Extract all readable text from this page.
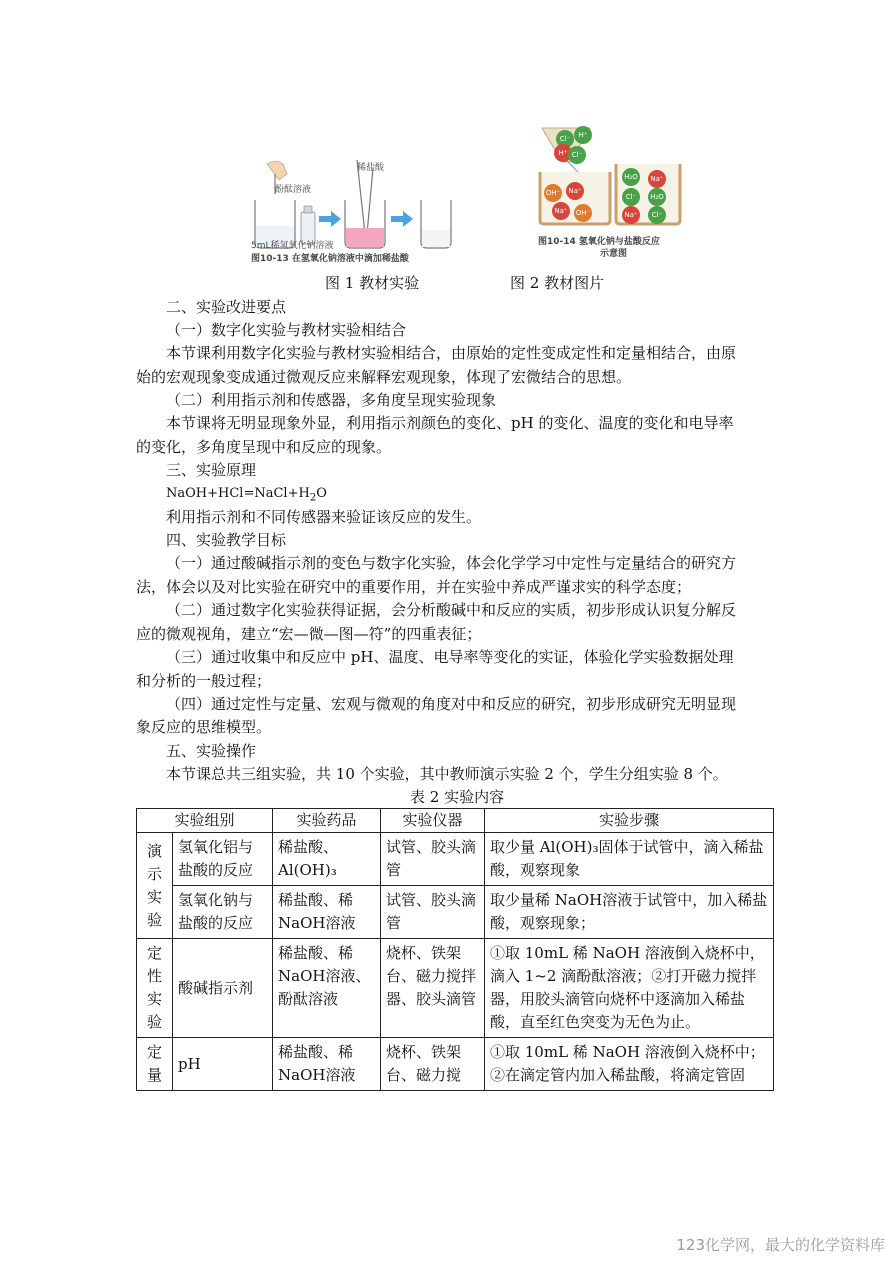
酚酞溶液
稀盐酸
5mL稀氢氧化钠溶液
图10-13 在氢氧化钠溶液中滴加稀盐酸
Cl⁻	H⁺
H⁺ Cl⁻
OH⁻	Na⁺
Na⁺	OH⁻
H₂O	Na⁺
Cl⁻	H₂O
Na⁺	Cl⁻
图10-14 氢氧化钠与盐酸反应
示意图
图 1 教材实验	图 2 教材图片
二、实验改进要点
（一）数字化实验与教材实验相结合
本节课利用数字化实验与教材实验相结合，由原始的定性变成定性和定量相结合，由原
始的宏观现象变成通过微观反应来解释宏观现象，体现了宏微结合的思想。
（二）利用指示剂和传感器，多角度呈现实验现象
本节课将无明显现象外显，利用指示剂颜色的变化、pH 的变化、温度的变化和电导率
的变化，多角度呈现中和反应的现象。
三、实验原理
$NaOH+HCl=NaCl+H_2O$
利用指示剂和不同传感器来验证该反应的发生。
四、实验教学目标
（一）通过酸碱指示剂的变色与数字化实验，体会化学学习中定性与定量结合的研究方
法，体会以及对比实验在研究中的重要作用，并在实验中养成严谨求实的科学态度；
（二）通过数字化实验获得证据，会分析酸碱中和反应的实质，初步形成认识复分解反
应的微观视角，建立“宏—微—图—符”的四重表征；
（三）通过收集中和反应中 pH、温度、电导率等变化的实证，体验化学实验数据处理
和分析的一般过程；
（四）通过定性与定量、宏观与微观的角度对中和反应的研究，初步形成研究无明显现
象反应的思维模型。
五、实验操作
本节课总共三组实验，共 10 个实验，其中教师演示实验 2 个，学生分组实验 8 个。
表 2 实验内容
实验组别		实验药品	实验仪器	实验步骤
演示实验	氢氧化铝与盐酸的反应	稀盐酸、Al(OH)₃	试管、胶头滴管	取少量 Al(OH)₃固体于试管中，滴入稀盐酸，观察现象
	氢氧化钠与盐酸的反应	稀盐酸、稀NaOH溶液	试管、胶头滴管	取少量稀 NaOH溶液于试管中，加入稀盐酸，观察现象；
定性实验	酸碱指示剂	稀盐酸、稀NaOH溶液、酚酞溶液	烧杯、铁架台、磁力搅拌器、胶头滴管	①取 10mL 稀 NaOH 溶液倒入烧杯中，滴入 1~2 滴酚酞溶液；②打开磁力搅拌器，用胶头滴管向烧杯中逐滴加入稀盐酸，直至红色突变为无色为止。
定量	pH	稀盐酸、稀NaOH溶液	烧杯、铁架台、磁力搅	①取 10mL 稀 NaOH 溶液倒入烧杯中；②在滴定管内加入稀盐酸，将滴定管固
123化学网，最大的化学资料库
